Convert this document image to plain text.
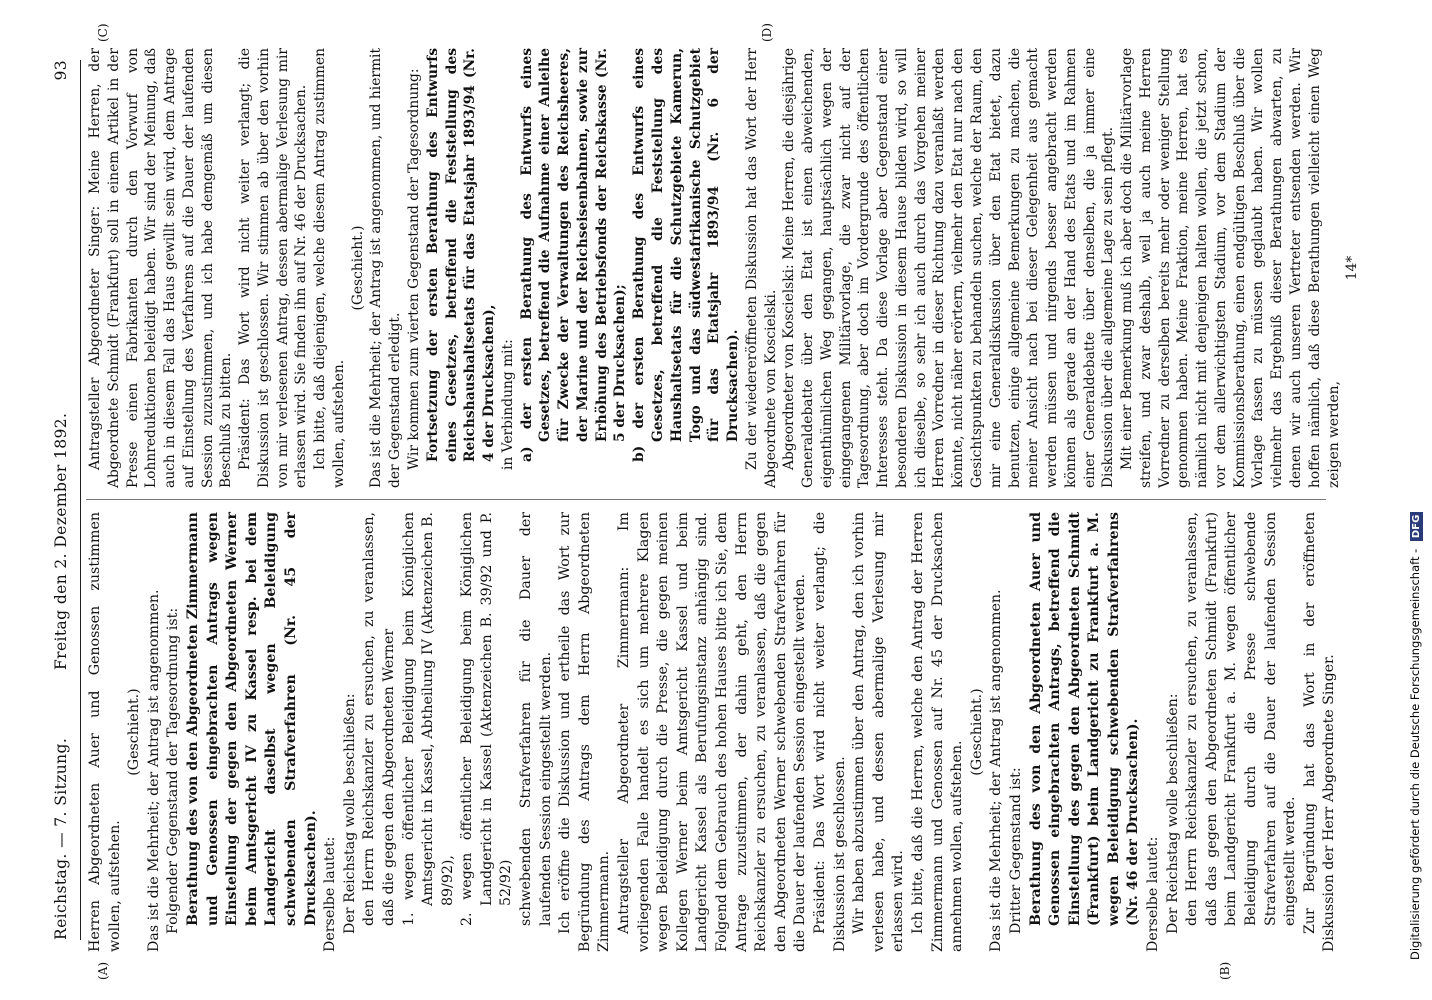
Reichstag. — 7. Sitzung.
Freitag den 2. Dezember 1892.
93
(A)	(B)
(C)	(D)

Herren Abgeordneten Auer und Genossen zustimmen wollen, aufstehen.

(Geschieht.) Das ist die Mehrheit; der Antrag ist angenommen. Folgender Gegenstand der Tagesordnung ist: Berathung des von den Abgeordneten Zimmermann und Genossen eingebrachten Antrags wegen Einstellung der gegen den Abgeordneten Werner beim Amtsgericht IV zu Kassel resp. bei dem Landgericht daselbst wegen Beleidigung schwebenden Strafverfahren (Nr. 45 der Drucksachen). Derselbe lautet: Der Reichstag wolle beschließen: den Herrn Reichskanzler zu ersuchen, zu veranlassen, daß die gegen den Abgeordneten Werner 1. wegen öffentlicher Beleidigung beim Königlichen Amtsgericht in Kassel, Abtheilung IV (Aktenzeichen B. 89/92), 2. wegen öffentlicher Beleidigung beim Königlichen Landgericht in Kassel (Aktenzeichen B. 39/92 und P. 52/92) schwebenden Strafverfahren für die Dauer der laufenden Session eingestellt werden. Ich eröffne die Diskussion und ertheile das Wort zur Begründung des Antrags dem Herrn Abgeordneten Zimmermann. Antragsteller Abgeordneter Zimmermann: Im vorliegenden Falle handelt es sich um mehrere Klagen wegen Beleidigung durch die Presse, die gegen meinen Kollegen Werner beim Amtsgericht Kassel und beim Landgericht Kassel als Berufungsinstanz anhängig sind. Folgend dem Gebrauch des hohen Hauses bitte ich Sie, dem Antrage zuzustimmen, der dahin geht, den Herrn Reichskanzler zu ersuchen, zu veranlassen, daß die gegen den Abgeordneten Werner schwebenden Strafverfahren für die Dauer der laufenden Session eingestellt werden. Präsident: Das Wort wird nicht weiter verlangt; die Diskussion ist geschlossen. Wir haben abzustimmen über den Antrag, den ich vorhin verlesen habe, und dessen abermalige Verlesung mir erlassen wird. Ich bitte, daß die Herren, welche den Antrag der Herren Zimmermann und Genossen auf Nr. 45 der Drucksachen annehmen wollen, aufstehen.

(Geschieht.) Das ist die Mehrheit; der Antrag ist angenommen. Dritter Gegenstand ist: Berathung des von den Abgeordneten Auer und Genossen eingebrachten Antrags, betreffend die Einstellung des gegen den Abgeordneten Schmidt (Frankfurt) beim Landgericht zu Frankfurt a. M. wegen Beleidigung schwebenden Strafverfahrens (Nr. 46 der Drucksachen). Derselbe lautet: Der Reichstag wolle beschließen: den Herrn Reichskanzler zu ersuchen, zu veranlassen, daß das gegen den Abgeordneten Schmidt (Frankfurt) beim Landgericht Frankfurt a. M. wegen öffentlicher Beleidigung durch die Presse schwebende Strafverfahren auf die Dauer der laufenden Session eingestellt werde. Zur Begründung hat das Wort in der eröffneten Diskussion der Herr Abgeordnete Singer.

Antragsteller Abgeordneter Singer: Meine Herren, der Abgeordnete Schmidt (Frankfurt) soll in einem Artikel in der Presse einen Fabrikanten durch den Vorwurf von Lohnreduktionen beleidigt haben. Wir sind der Meinung, daß auch in diesem Fall das Haus gewillt sein wird, dem Antrage auf Einstellung des Verfahrens auf die Dauer der laufenden Session zuzustimmen, und ich habe demgemäß um diesen Beschluß zu bitten. Präsident: Das Wort wird nicht weiter verlangt; die Diskussion ist geschlossen. Wir stimmen ab über den vorhin von mir verlesenen Antrag, dessen abermalige Verlesung mir erlassen wird. Sie finden ihn auf Nr. 46 der Drucksachen. Ich bitte, daß diejenigen, welche diesem Antrag zustimmen wollen, aufstehen.

(Geschieht.) Das ist die Mehrheit; der Antrag ist angenommen, und hiermit der Gegenstand erledigt. Wir kommen zum vierten Gegenstand der Tagesordnung: Fortsetzung der ersten Berathung des Entwurfs eines Gesetzes, betreffend die Feststellung des Reichshaushaltsetats für das Etatsjahr 1893/94 (Nr. 4 der Drucksachen), in Verbindung mit: a) der ersten Berathung des Entwurfs eines Gesetzes, betreffend die Aufnahme einer Anleihe für Zwecke der Verwaltungen des Reichsheeres, der Marine und der Reichseisenbahnen, sowie zur Erhöhung des Betriebsfonds der Reichskasse (Nr. 5 der Drucksachen); b) der ersten Berathung des Entwurfs eines Gesetzes, betreffend die Feststellung des Haushaltsetats für die Schutzgebiete Kamerun, Togo und das südwestafrikanische Schutzgebiet für das Etatsjahr 1893/94 (Nr. 6 der Drucksachen). Zu der wiedereröffneten Diskussion hat das Wort der Herr Abgeordnete von Koscielski. Abgeordneter von Koscielski: Meine Herren, die diesjährige Generaldebatte über den Etat ist einen abweichenden, eigenthümlichen Weg gegangen, hauptsächlich wegen der eingegangenen Militärvorlage, die zwar nicht auf der Tagesordnung, aber doch im Vordergrunde des öffentlichen Interesses steht. Da diese Vorlage aber Gegenstand einer besonderen Diskussion in diesem Hause bilden wird, so will ich dieselbe, so sehr ich auch durch das Vorgehen meiner Herren Vorredner in dieser Richtung dazu veranlaßt werden könnte, nicht näher erörtern, vielmehr den Etat nur nach den Gesichtspunkten zu behandeln suchen, welche der Raum, den mir eine Generaldiskussion über den Etat bietet, dazu benutzen, einige allgemeine Bemerkungen zu machen, die meiner Ansicht nach bei dieser Gelegenheit aus gemacht werden müssen und nirgends besser angebracht werden können als gerade an der Hand des Etats und im Rahmen einer Generaldebatte über denselben, die ja immer eine Diskussion über die allgemeine Lage zu sein pflegt. Mit einer Bemerkung muß ich aber doch die Militärvorlage streifen, und zwar deshalb, weil ja auch meine Herren Vorredner zu derselben bereits mehr oder weniger Stellung genommen haben. Meine Fraktion, meine Herren, hat es nämlich nicht mit denjenigen halten wollen, die jetzt schon, vor dem allerwichtigsten Stadium, vor dem Stadium der Kommissionsberathung, einen endgültigen Beschluß über die Vorlage fassen zu müssen geglaubt haben. Wir wollen vielmehr das Ergebniß dieser Berathungen abwarten, zu denen wir auch unseren Vertreter entsenden werden. Wir hoffen nämlich, daß diese Berathungen vielleicht einen Weg zeigen werden,

14*

Digitalisierung gefördert durch die Deutsche Forschungsgemeinschaft - DFG
